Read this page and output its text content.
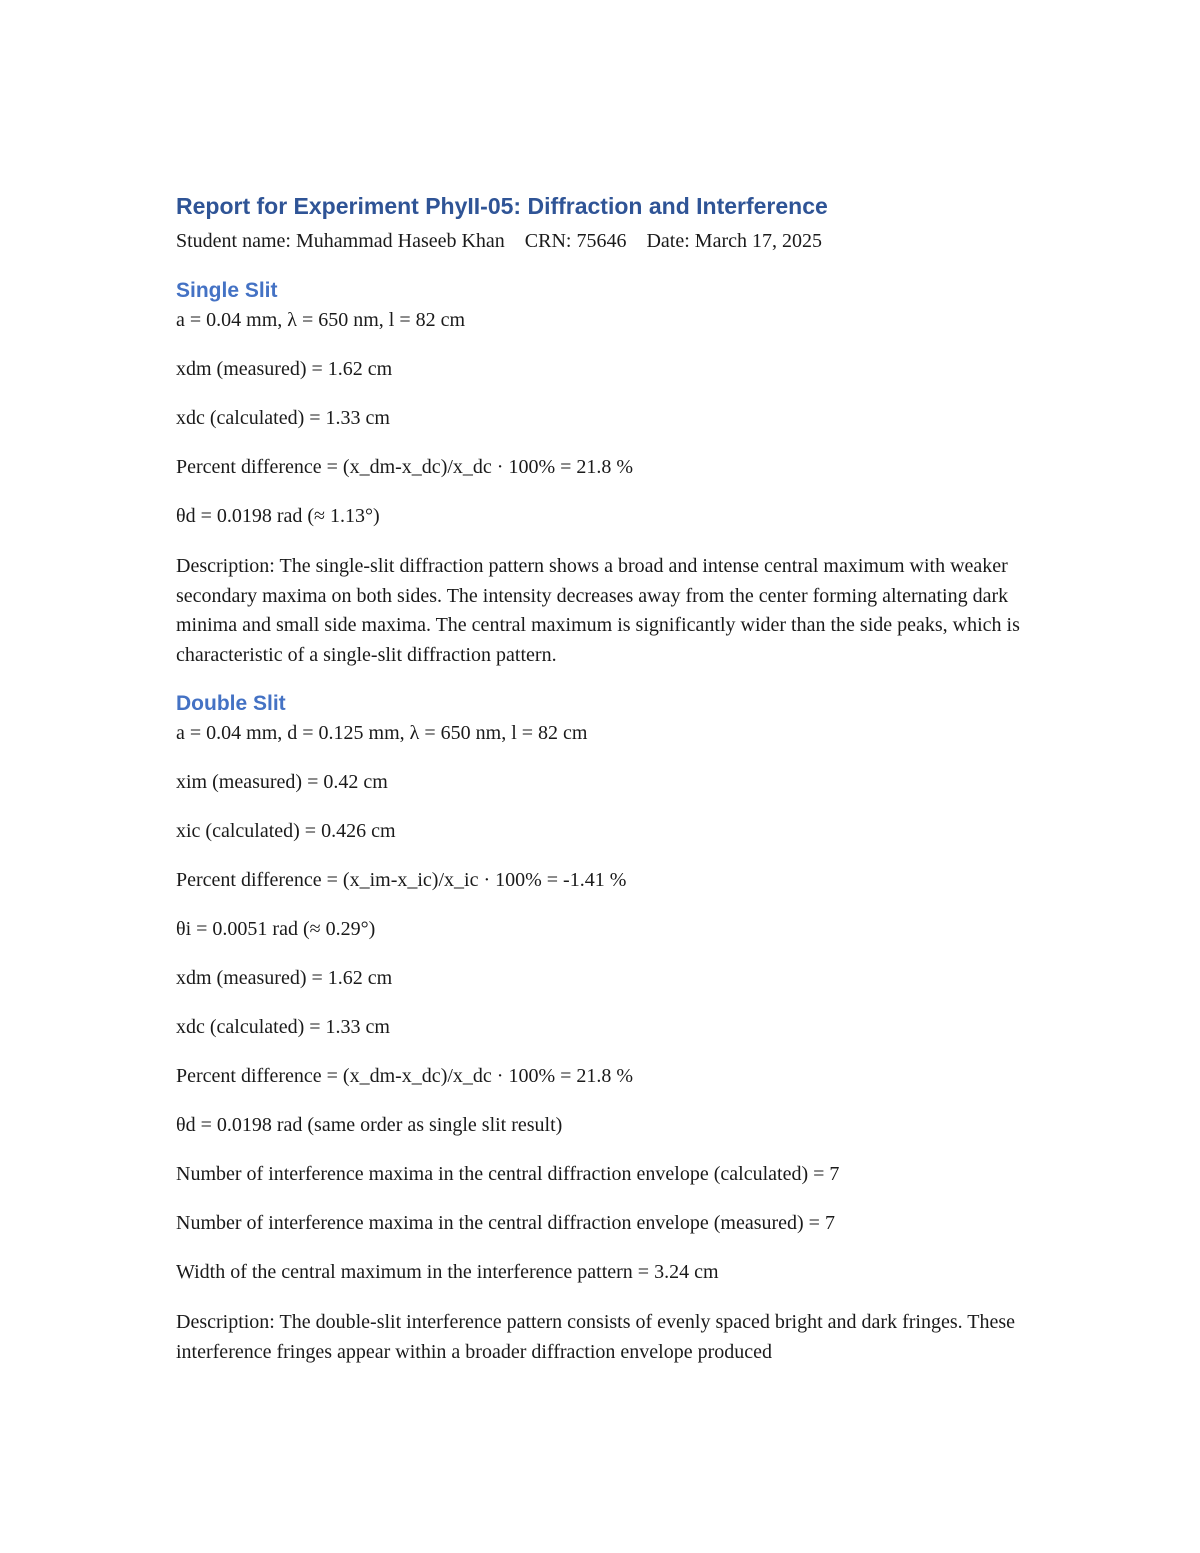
Report for Experiment PhyII-05: Diffraction and Interference

Student name: Muhammad Haseeb Khan    CRN: 75646    Date: March 17, 2025

Single Slit

a = 0.04 mm, λ = 650 nm, l = 82 cm

xdm (measured) = 1.62 cm

xdc (calculated) = 1.33 cm

Percent difference = (x_dm-x_dc)/x_dc · 100% = 21.8 %

θd = 0.0198 rad (≈ 1.13°)

Description: The single-slit diffraction pattern shows a broad and intense central maximum with weaker secondary maxima on both sides. The intensity decreases away from the center forming alternating dark minima and small side maxima. The central maximum is significantly wider than the side peaks, which is characteristic of a single-slit diffraction pattern.

Double Slit

a = 0.04 mm, d = 0.125 mm, λ = 650 nm, l = 82 cm

xim (measured) = 0.42 cm

xic (calculated) = 0.426 cm

Percent difference = (x_im-x_ic)/x_ic · 100% = -1.41 %

θi = 0.0051 rad (≈ 0.29°)

xdm (measured) = 1.62 cm

xdc (calculated) = 1.33 cm

Percent difference = (x_dm-x_dc)/x_dc · 100% = 21.8 %

θd = 0.0198 rad (same order as single slit result)

Number of interference maxima in the central diffraction envelope (calculated) = 7

Number of interference maxima in the central diffraction envelope (measured) = 7

Width of the central maximum in the interference pattern = 3.24 cm

Description: The double-slit interference pattern consists of evenly spaced bright and dark fringes. These interference fringes appear within a broader diffraction envelope produced
